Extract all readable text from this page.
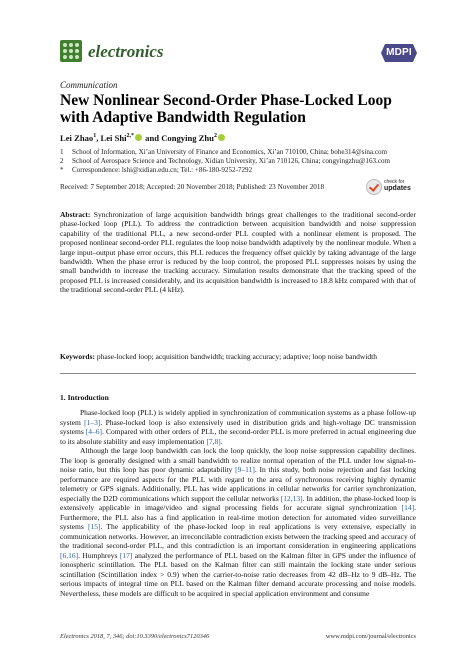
electronics	MDPI
Communication
New Nonlinear Second-Order Phase-Locked Loop with Adaptive Bandwidth Regulation
Lei Zhao$^1$, Lei Shi$^{2,*}$ and Congying Zhu$^2$
1 School of Information, Xi’an University of Finance and Economics, Xi’an 710100, China; bohe314@sina.com
2 School of Aerospace Science and Technology, Xidian University, Xi’an 710126, China; congyingzhu@163.com
* Correspondence: lshi@xidian.edu.cn; Tel.: +86-180-9252-7292
Received: 7 September 2018; Accepted: 20 November 2018; Published: 23 November 2018
check for
updates
Abstract: Synchronization of large acquisition bandwidth brings great challenges to the traditional second-order phase-locked loop (PLL). To address the contradiction between acquisition bandwidth and noise suppression capability of the traditional PLL, a new second-order PLL coupled with a nonlinear element is proposed. The proposed nonlinear second-order PLL regulates the loop noise bandwidth adaptively by the nonlinear module. When a large input–output phase error occurs, this PLL reduces the frequency offset quickly by taking advantage of the large bandwidth. When the phase error is reduced by the loop control, the proposed PLL suppresses noises by using the small bandwidth to increase the tracking accuracy. Simulation results demonstrate that the tracking speed of the proposed PLL is increased considerably, and its acquisition bandwidth is increased to 18.8 kHz compared with that of the traditional second-order PLL (4 kHz).
Keywords: phase-locked loop; acquisition bandwidth; tracking accuracy; adaptive; loop noise bandwidth
1. Introduction
Phase-locked loop (PLL) is widely applied in synchronization of communication systems as a phase follow-up system [1–3]. Phase-locked loop is also extensively used in distribution grids and high-voltage DC transmission systems [4–6]. Compared with other orders of PLL, the second-order PLL is more preferred in actual engineering due to its absolute stability and easy implementation [7,8].
Although the large loop bandwidth can lock the loop quickly, the loop noise suppression capability declines. The loop is generally designed with a small bandwidth to realize normal operation of the PLL under low signal-to-noise ratio, but this loop has poor dynamic adaptability [9–11]. In this study, both noise rejection and fast locking performance are required aspects for the PLL with regard to the area of synchronous receiving highly dynamic telemetry or GPS signals. Additionally, PLL has wide applications in cellular networks for carrier synchronization, especially the D2D communications which support the cellular networks [12,13]. In addition, the phase-locked loop is extensively applicable in image/video and signal processing fields for accurate signal synchronization [14]. Furthermore, the PLL also has a find application in real-time motion detection for automated video surveillance systems [15]. The applicability of the phase-locked loop in real applications is very extensive, especially in communication networks. However, an irreconcilable contradiction exists between the tracking speed and accuracy of the traditional second-order PLL, and this contradiction is an important consideration in engineering applications [6,16]. Humphreys [17] analyzed the performance of PLL based on the Kalman filter in GPS under the influence of ionospheric scintillation. The PLL based on the Kalman filter can still maintain the locking state under serious scintillation (Scintillation index > 0.9) when the carrier-to-noise ratio decreases from 42 dB–Hz to 9 dB–Hz. The serious impacts of integral time on PLL based on the Kalman filter demand accurate processing and noise models. Nevertheless, these models are difficult to be acquired in special application environment and consume
Electronics 2018, 7, 346; doi:10.3390/electronics7120346	www.mdpi.com/journal/electronics
